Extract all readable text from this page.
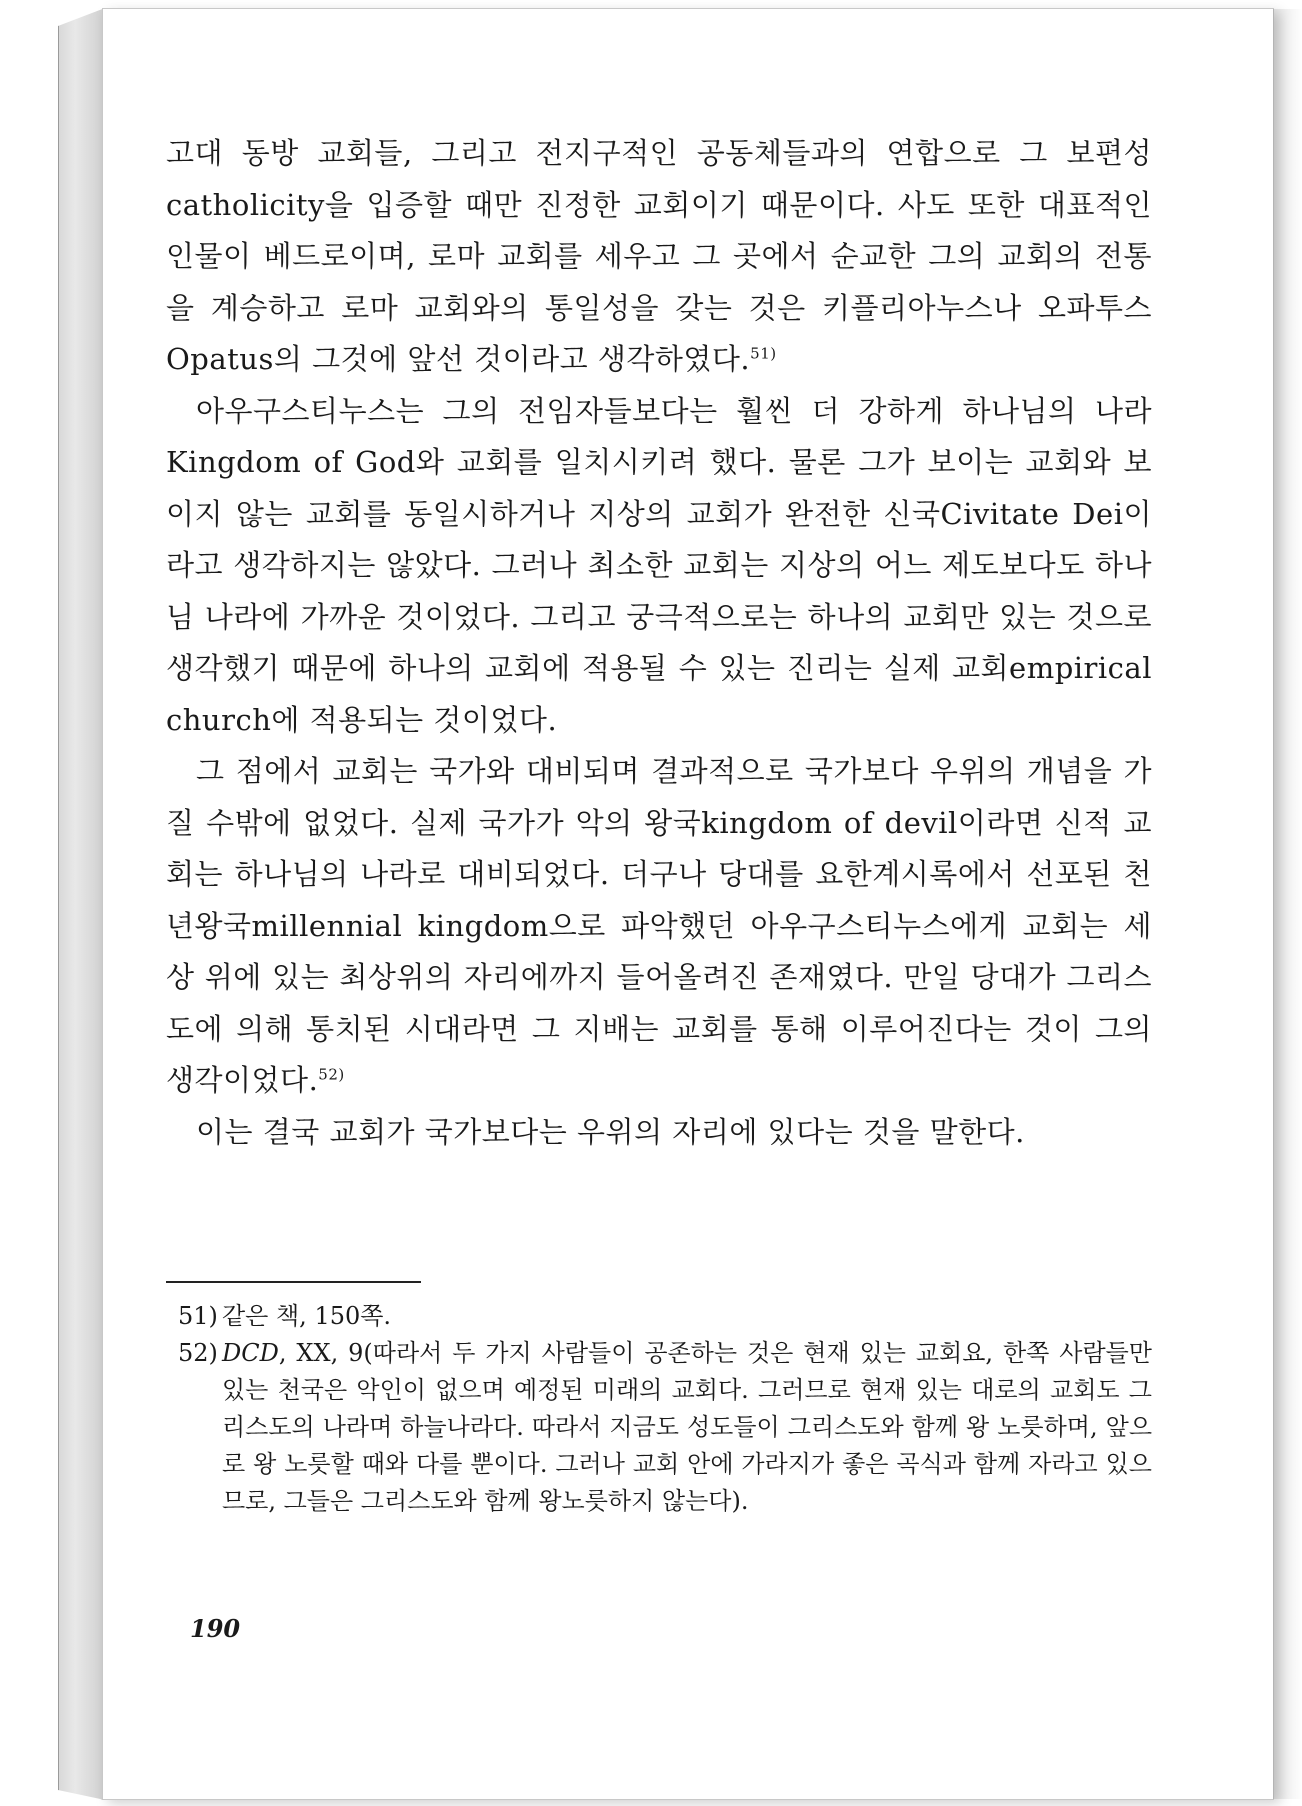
고대 동방 교회들, 그리고 전지구적인 공동체들과의 연합으로 그 보편성catholicity을 입증할 때만 진정한 교회이기 때문이다. 사도 또한 대표적인 인물이 베드로이며, 로마 교회를 세우고 그 곳에서 순교한 그의 교회의 전통을 계승하고 로마 교회와의 통일성을 갖는 것은 키플리아누스나 오파투스Opatus의 그것에 앞선 것이라고 생각하였다.$^{51)}$

아우구스티누스는 그의 전임자들보다는 훨씬 더 강하게 하나님의 나라Kingdom of God와 교회를 일치시키려 했다. 물론 그가 보이는 교회와 보이지 않는 교회를 동일시하거나 지상의 교회가 완전한 신국Civitate Dei이라고 생각하지는 않았다. 그러나 최소한 교회는 지상의 어느 제도보다도 하나님 나라에 가까운 것이었다. 그리고 궁극적으로는 하나의 교회만 있는 것으로 생각했기 때문에 하나의 교회에 적용될 수 있는 진리는 실제 교회empirical church에 적용되는 것이었다.

그 점에서 교회는 국가와 대비되며 결과적으로 국가보다 우위의 개념을 가질 수밖에 없었다. 실제 국가가 악의 왕국kingdom of devil이라면 신적 교회는 하나님의 나라로 대비되었다. 더구나 당대를 요한계시록에서 선포된 천년왕국millennial kingdom으로 파악했던 아우구스티누스에게 교회는 세상 위에 있는 최상위의 자리에까지 들어올려진 존재였다. 만일 당대가 그리스도에 의해 통치된 시대라면 그 지배는 교회를 통해 이루어진다는 것이 그의 생각이었다.$^{52)}$

이는 결국 교회가 국가보다는 우위의 자리에 있다는 것을 말한다.

51) 같은 책, 150쪽.
52) DCD, XX, 9(따라서 두 가지 사람들이 공존하는 것은 현재 있는 교회요, 한쪽 사람들만 있는 천국은 악인이 없으며 예정된 미래의 교회다. 그러므로 현재 있는 대로의 교회도 그리스도의 나라며 하늘나라다. 따라서 지금도 성도들이 그리스도와 함께 왕 노릇하며, 앞으로 왕 노릇할 때와 다를 뿐이다. 그러나 교회 안에 가라지가 좋은 곡식과 함께 자라고 있으므로, 그들은 그리스도와 함께 왕노릇하지 않는다).
190
